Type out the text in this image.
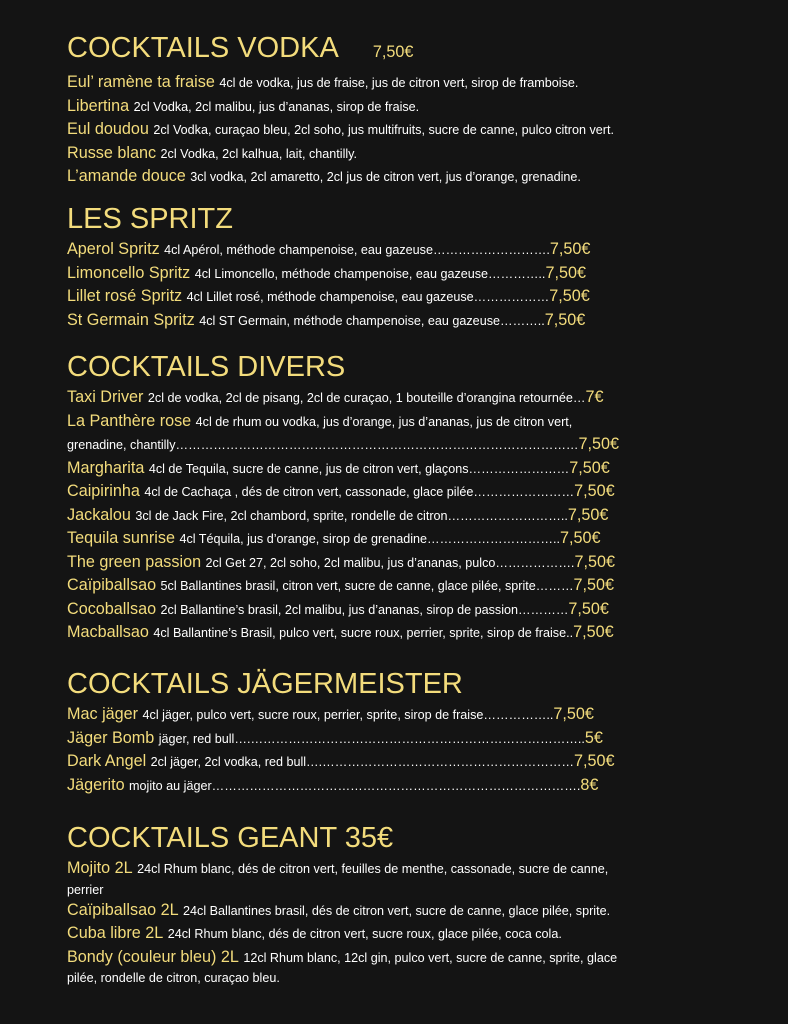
COCKTAILS VODKA 7,50€
Eul’ ramène ta fraise 4cl de vodka, jus de fraise, jus de citron vert, sirop de framboise.
Libertina 2cl Vodka, 2cl malibu, jus d’ananas, sirop de fraise.
Eul doudou 2cl Vodka, curaçao bleu, 2cl soho, jus multifruits, sucre de canne, pulco citron vert.
Russe blanc 2cl Vodka, 2cl kalhua, lait, chantilly.
L’amande douce 3cl vodka, 2cl amaretto, 2cl jus de citron vert, jus d’orange, grenadine.
LES SPRITZ
Aperol Spritz 4cl Apérol, méthode champenoise, eau gazeuse……………………….7,50€
Limoncello Spritz 4cl Limoncello, méthode champenoise, eau gazeuse…………..7,50€
Lillet rosé Spritz 4cl Lillet rosé, méthode champenoise, eau gazeuse………………7,50€
St Germain Spritz 4cl ST Germain, méthode champenoise, eau gazeuse………..7,50€
COCKTAILS DIVERS
Taxi Driver 2cl de vodka, 2cl de pisang, 2cl de curaçao, 1 bouteille d’orangina retournée…7€
La Panthère rose 4cl de rhum ou vodka, jus d’orange, jus d’ananas, jus de citron vert,
grenadine, chantilly……………………………………………………………………………………7,50€
Margharita 4cl de Tequila, sucre de canne, jus de citron vert, glaçons……………………7,50€
Caipirinha 4cl de Cachaça , dés de citron vert, cassonade, glace pilée……………………7,50€
Jackalou 3cl de Jack Fire, 2cl chambord, sprite, rondelle de citron………………………..7,50€
Tequila sunrise 4cl Téquila, jus d’orange, sirop de grenadine…………………………..7,50€
The green passion 2cl Get 27, 2cl soho, 2cl malibu, jus d’ananas, pulco……………….7,50€
Caïpiballsao 5cl Ballantines brasil, citron vert, sucre de canne, glace pilée, sprite………7,50€
Cocoballsao 2cl Ballantine’s brasil, 2cl malibu, jus d’ananas, sirop de passion…………7,50€
Macballsao 4cl Ballantine’s Brasil, pulco vert, sucre roux, perrier, sprite, sirop de fraise..7,50€
COCKTAILS JÄGERMEISTER
Mac jäger 4cl jäger, pulco vert, sucre roux, perrier, sprite, sirop de fraise……………..7,50€
Jäger Bomb jäger, red bull….……………………………………………………………………..5€
Dark Angel 2cl jäger, 2cl vodka, red bull….……………………………………………………7,50€
Jägerito mojito au jäger…………………………………………………………………………….8€
COCKTAILS GEANT 35€
Mojito 2L 24cl Rhum blanc, dés de citron vert, feuilles de menthe, cassonade, sucre de canne,
perrier
Caïpiballsao 2L 24cl Ballantines brasil, dés de citron vert, sucre de canne, glace pilée, sprite.
Cuba libre 2L 24cl Rhum blanc, dés de citron vert, sucre roux, glace pilée, coca cola.
Bondy (couleur bleu) 2L 12cl Rhum blanc, 12cl gin, pulco vert, sucre de canne, sprite, glace
pilée, rondelle de citron, curaçao bleu.
